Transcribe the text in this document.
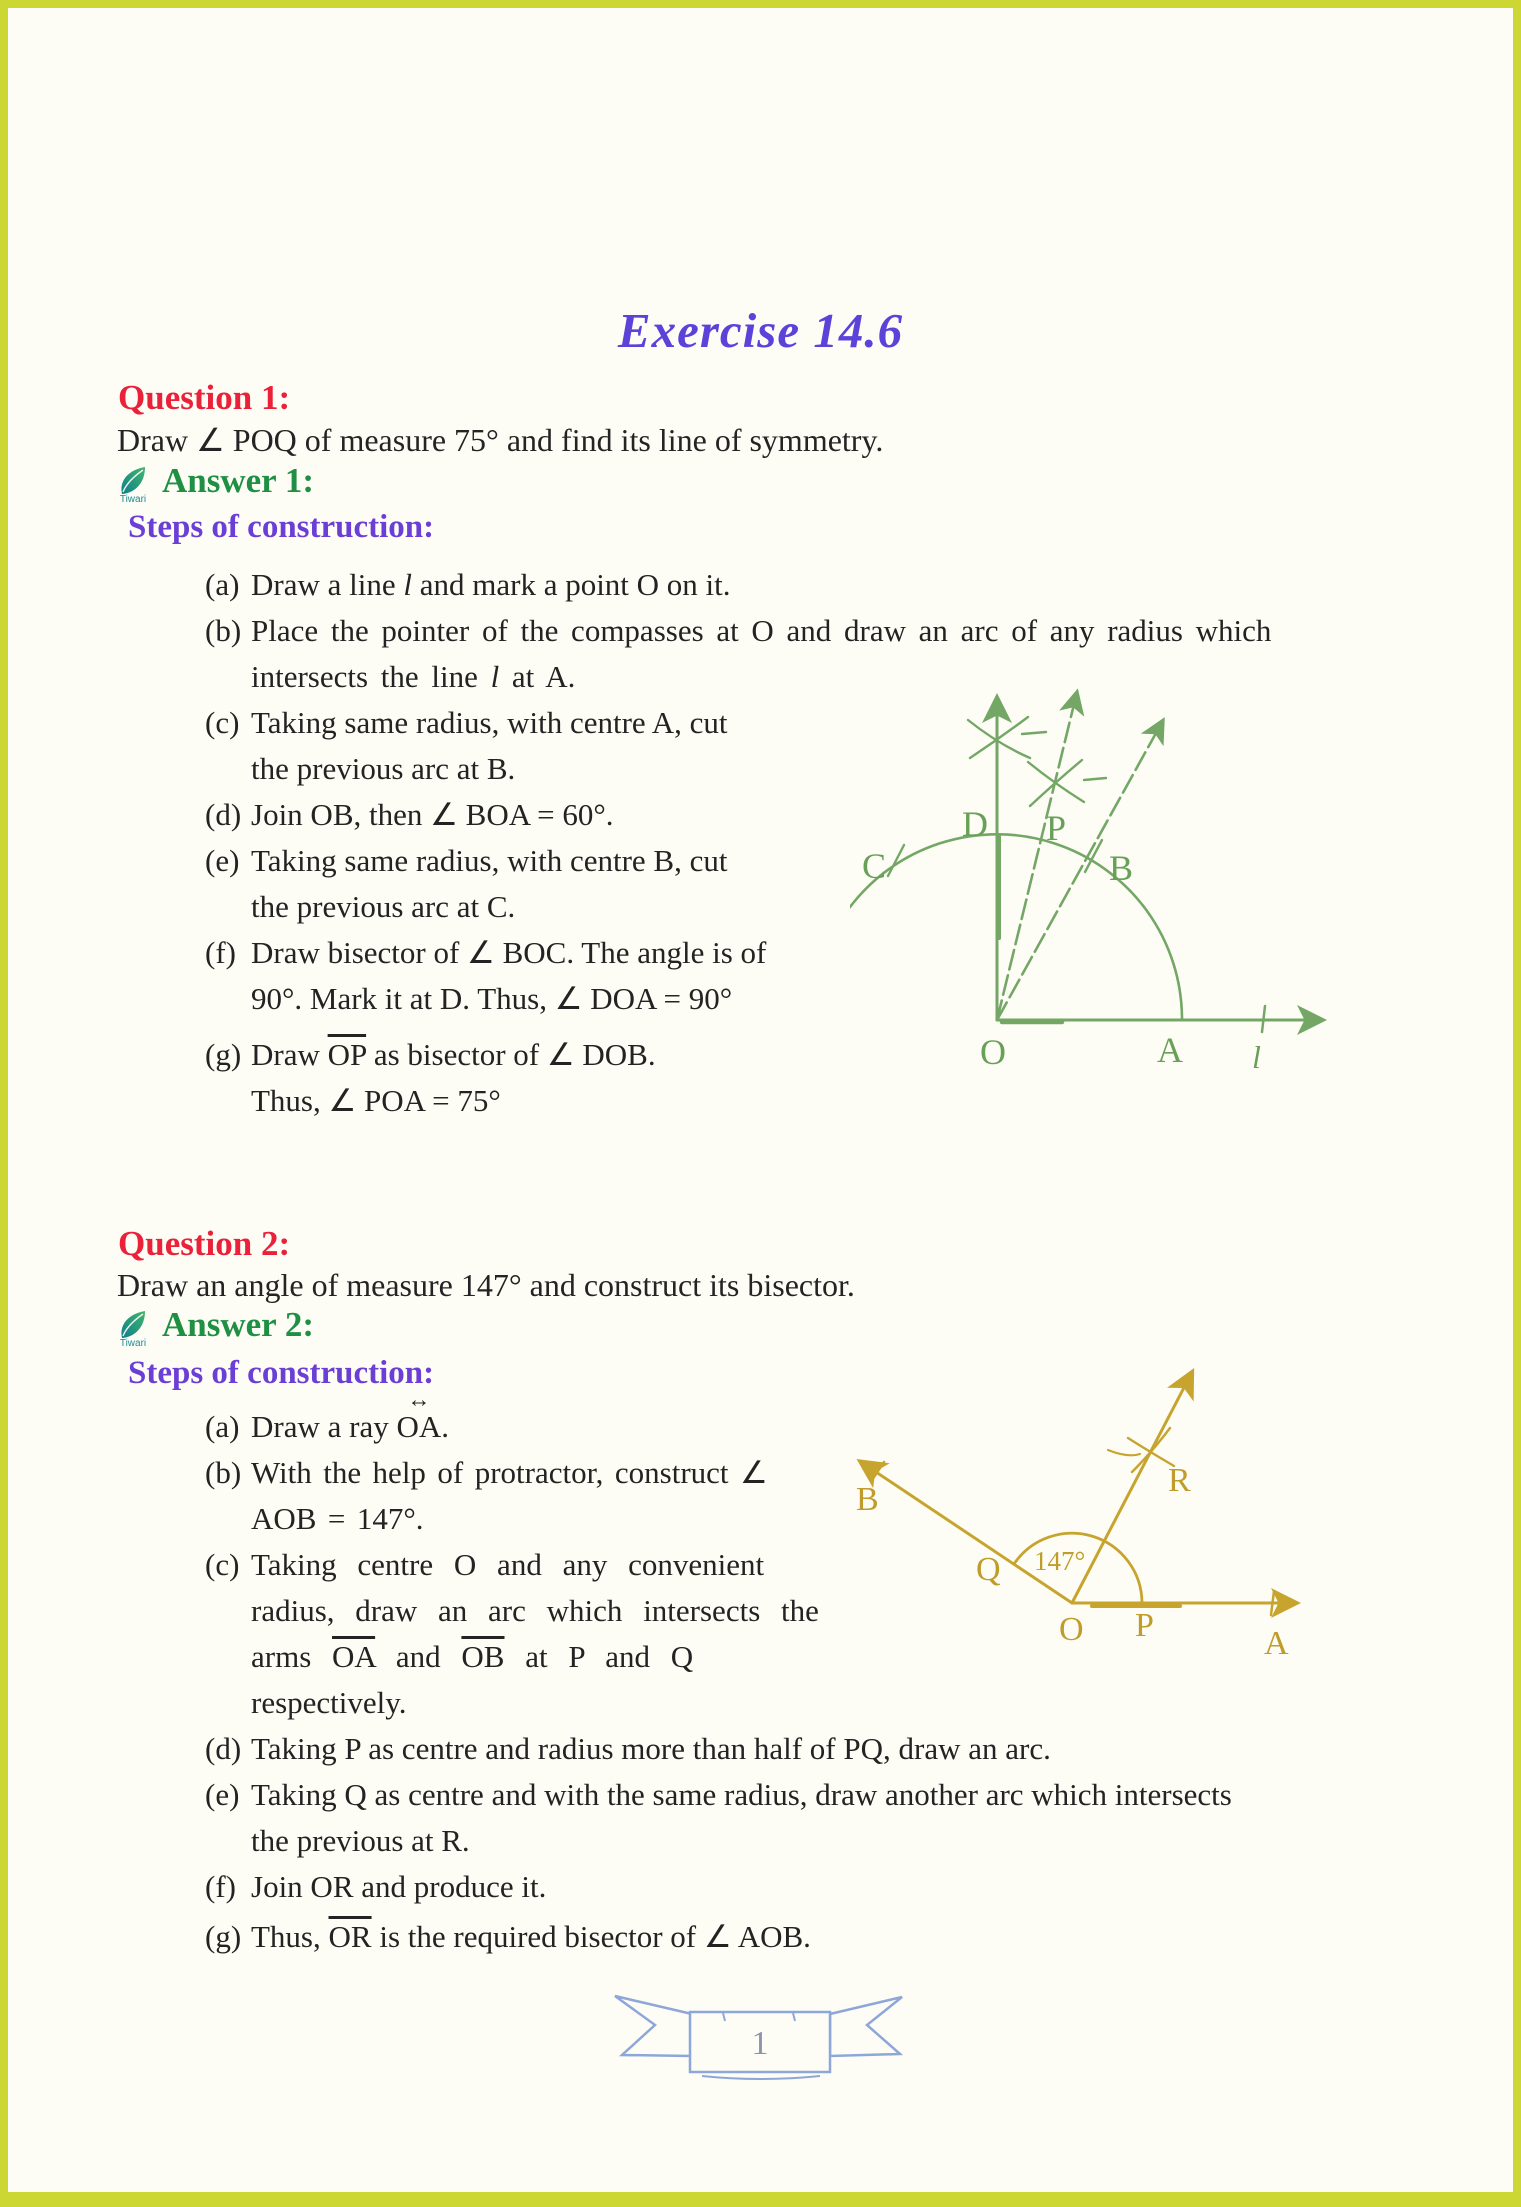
Exercise 14.6
Question 1:
Draw ∠ POQ of measure 75° and find its line of symmetry.
Tiwari Answer 1:
Steps of construction:
(a) Draw a line l and mark a point O on it.
(b) Place the pointer of the compasses at O and draw an arc of any radius which
intersects the line l at A.
(c) Taking same radius, with centre A, cut
the previous arc at B.
(d) Join OB, then ∠ BOA = 60°.
(e) Taking same radius, with centre B, cut
the previous arc at C.
(f) Draw bisector of ∠ BOC. The angle is of
90°. Mark it at D. Thus, ∠ DOA = 90°
(g) Draw $\overline{OP}$ as bisector of ∠ DOB.
Thus, ∠ POA = 75°
O	A
B
C
D P
l
Question 2:
Draw an angle of measure 147° and construct its bisector.
Tiwari Answer 2:
Steps of construction:
(a) Draw a ray ↔ OA.
(b) With the help of protractor, construct ∠
AOB = 147°.
(c) Taking centre O and any convenient
radius, draw an arc which intersects the
arms $\overline{OA}$ and $\overline{OB}$ at P and Q
respectively.
(d) Taking P as centre and radius more than half of PQ, draw an arc.
(e) Taking Q as centre and with the same radius, draw another arc which intersects
the previous at R.
(f) Join OR and produce it.
(g) Thus, $\overline{OR}$ is the required bisector of ∠ AOB.
O	A
P
Q
B
R
147°
1
